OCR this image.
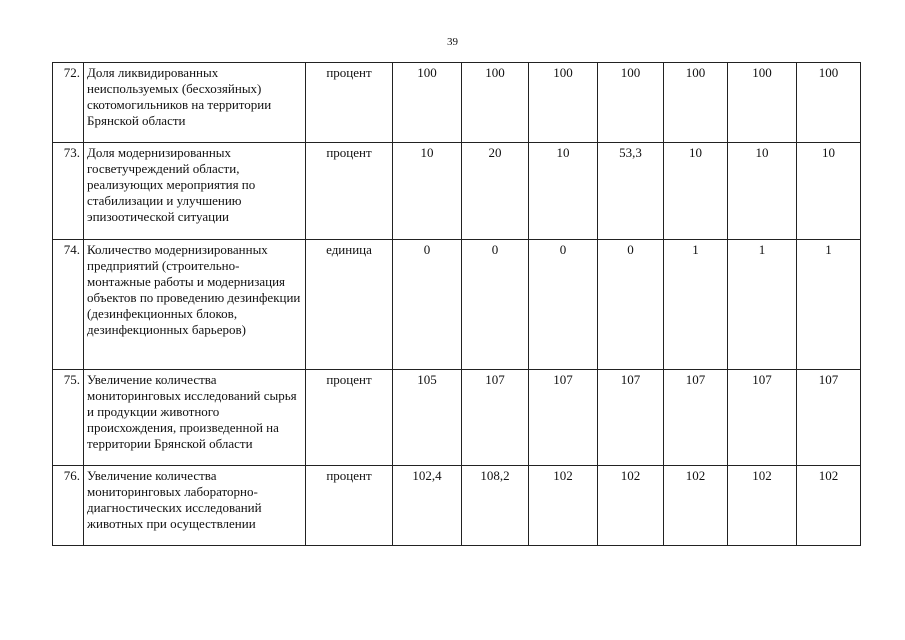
39
72.	Доля ликвидированных неиспользуемых (бесхозяйных) скотомогильников на территории Брянской области	процент	100	100	100	100	100	100	100
73.	Доля модернизированных госветучреждений области, реализующих мероприятия по стабилизации и улучшению эпизоотической ситуации	процент	10	20	10	53,3	10	10	10
74.	Количество модернизированных предприятий (строительно-монтажные работы и модернизация объектов по проведению дезинфекции (дезинфекционных блоков, дезинфекционных барьеров)	единица	0	0	0	0	1	1	1
75.	Увеличение количества мониторинговых исследований сырья и продукции животного происхождения, произведенной на территории Брянской области	процент	105	107	107	107	107	107	107
76.	Увеличение количества мониторинговых лабораторно-диагностических исследований животных при осуществлении	процент	102,4	108,2	102	102	102	102	102
